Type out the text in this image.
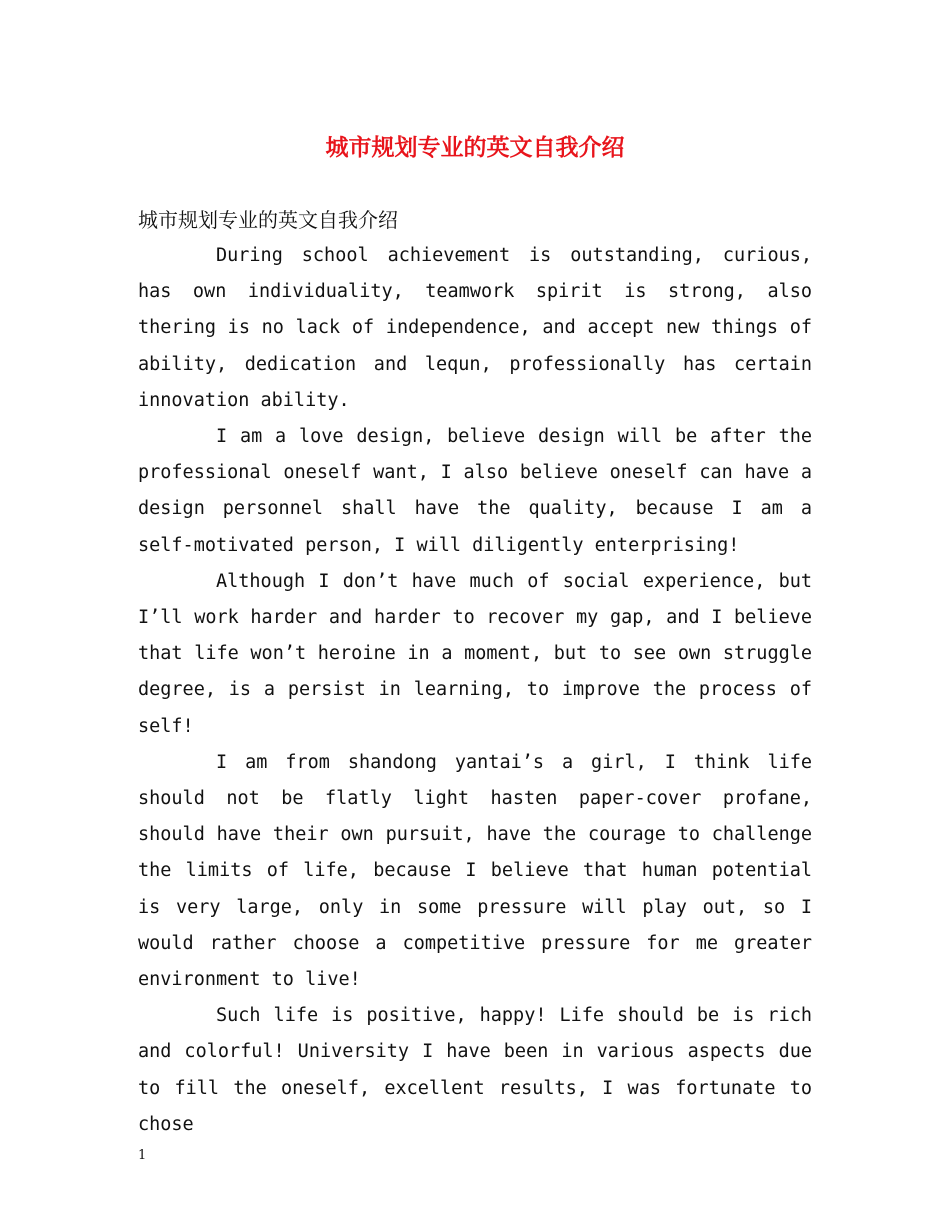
城市规划专业的英文自我介绍

城市规划专业的英文自我介绍

During school achievement is outstanding, curious, has own individuality, teamwork spirit is strong, also thering is no lack of independence, and accept new things of ability, dedication and lequn, professionally has certain innovation ability.

I am a love design, believe design will be after the professional oneself want, I also believe oneself can have a design personnel shall have the quality, because I am a self-motivated person, I will diligently enterprising!

Although I don’t have much of social experience, but I’ll work harder and harder to recover my gap, and I believe that life won’t heroine in a moment, but to see own struggle degree, is a persist in learning, to improve the process of self!

I am from shandong yantai’s a girl, I think life should not be flatly light hasten paper-cover profane, should have their own pursuit, have the courage to challenge the limits of life, because I believe that human potential is very large, only in some pressure will play out, so I would rather choose a competitive pressure for me greater environment to live!

Such life is positive, happy! Life should be is rich and colorful! University I have been in various aspects due to fill the oneself, excellent results, I was fortunate to chose

1
